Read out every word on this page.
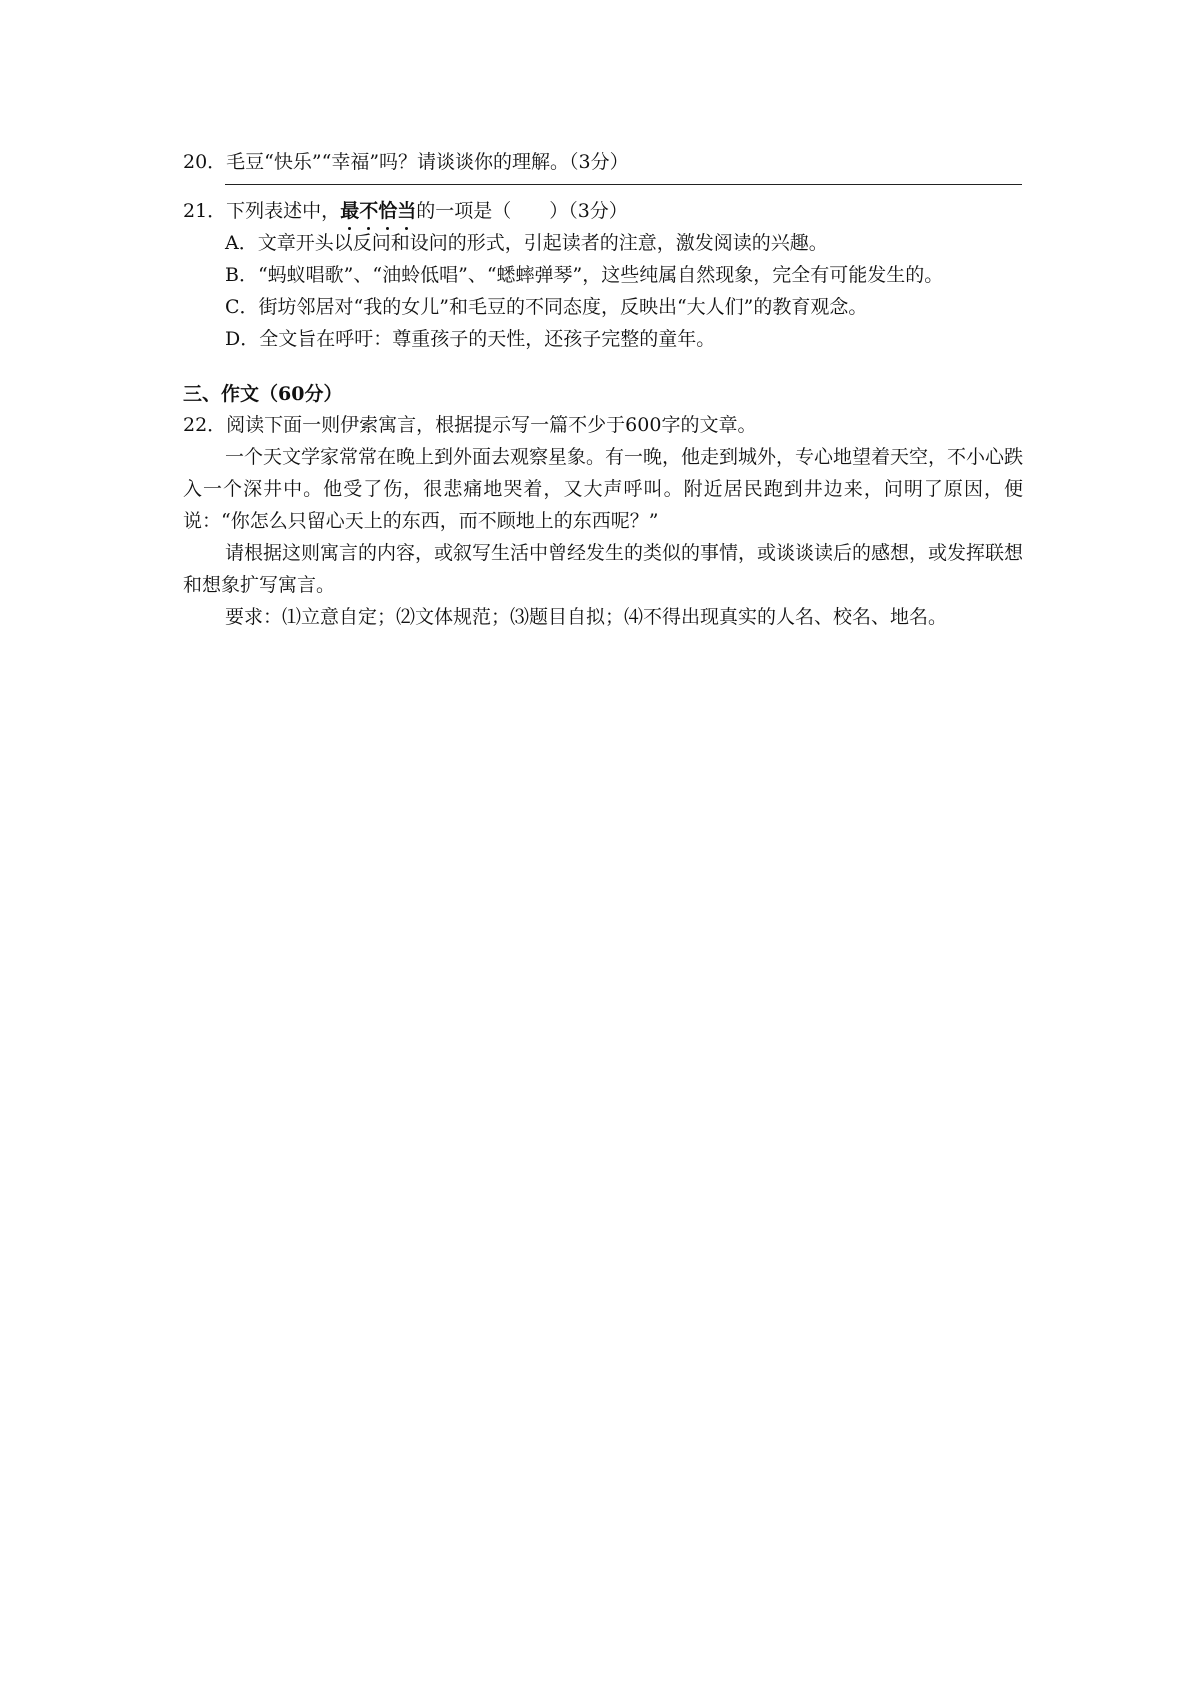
20．毛豆“快乐”“幸福”吗？请谈谈你的理解。（3分）
21．下列表述中，最不恰当
的一项是（　　）（3分）
A．文章开头以反问和设问的形式，引起读者的注意，激发阅读的兴趣。
B．“蚂蚁唱歌”、“油蛉低唱”、“蟋蟀弹琴”，这些纯属自然现象，完全有可能发生的。
C．街坊邻居对“我的女儿”和毛豆的不同态度，反映出“大人们”的教育观念。
D．全文旨在呼吁：尊重孩子的天性，还孩子完整的童年。
三、作文（60分）
22．阅读下面一则伊索寓言，根据提示写一篇不少于600字的文章。
一个天文学家常常在晚上到外面去观察星象。有一晚，他走到城外，专心地望着天空，不小心跌入一个深井中。他受了伤，很悲痛地哭着，又大声呼叫。附近居民跑到井边来，问明了原因，便说：“你怎么只留心天上的东西，而不顾地上的东西呢？”
请根据这则寓言的内容，或叙写生活中曾经发生的类似的事情，或谈谈读后的感想，或发挥联想和想象扩写寓言。
要求：⑴立意自定；⑵文体规范；⑶题目自拟；⑷不得出现真实的人名、校名、地名。
